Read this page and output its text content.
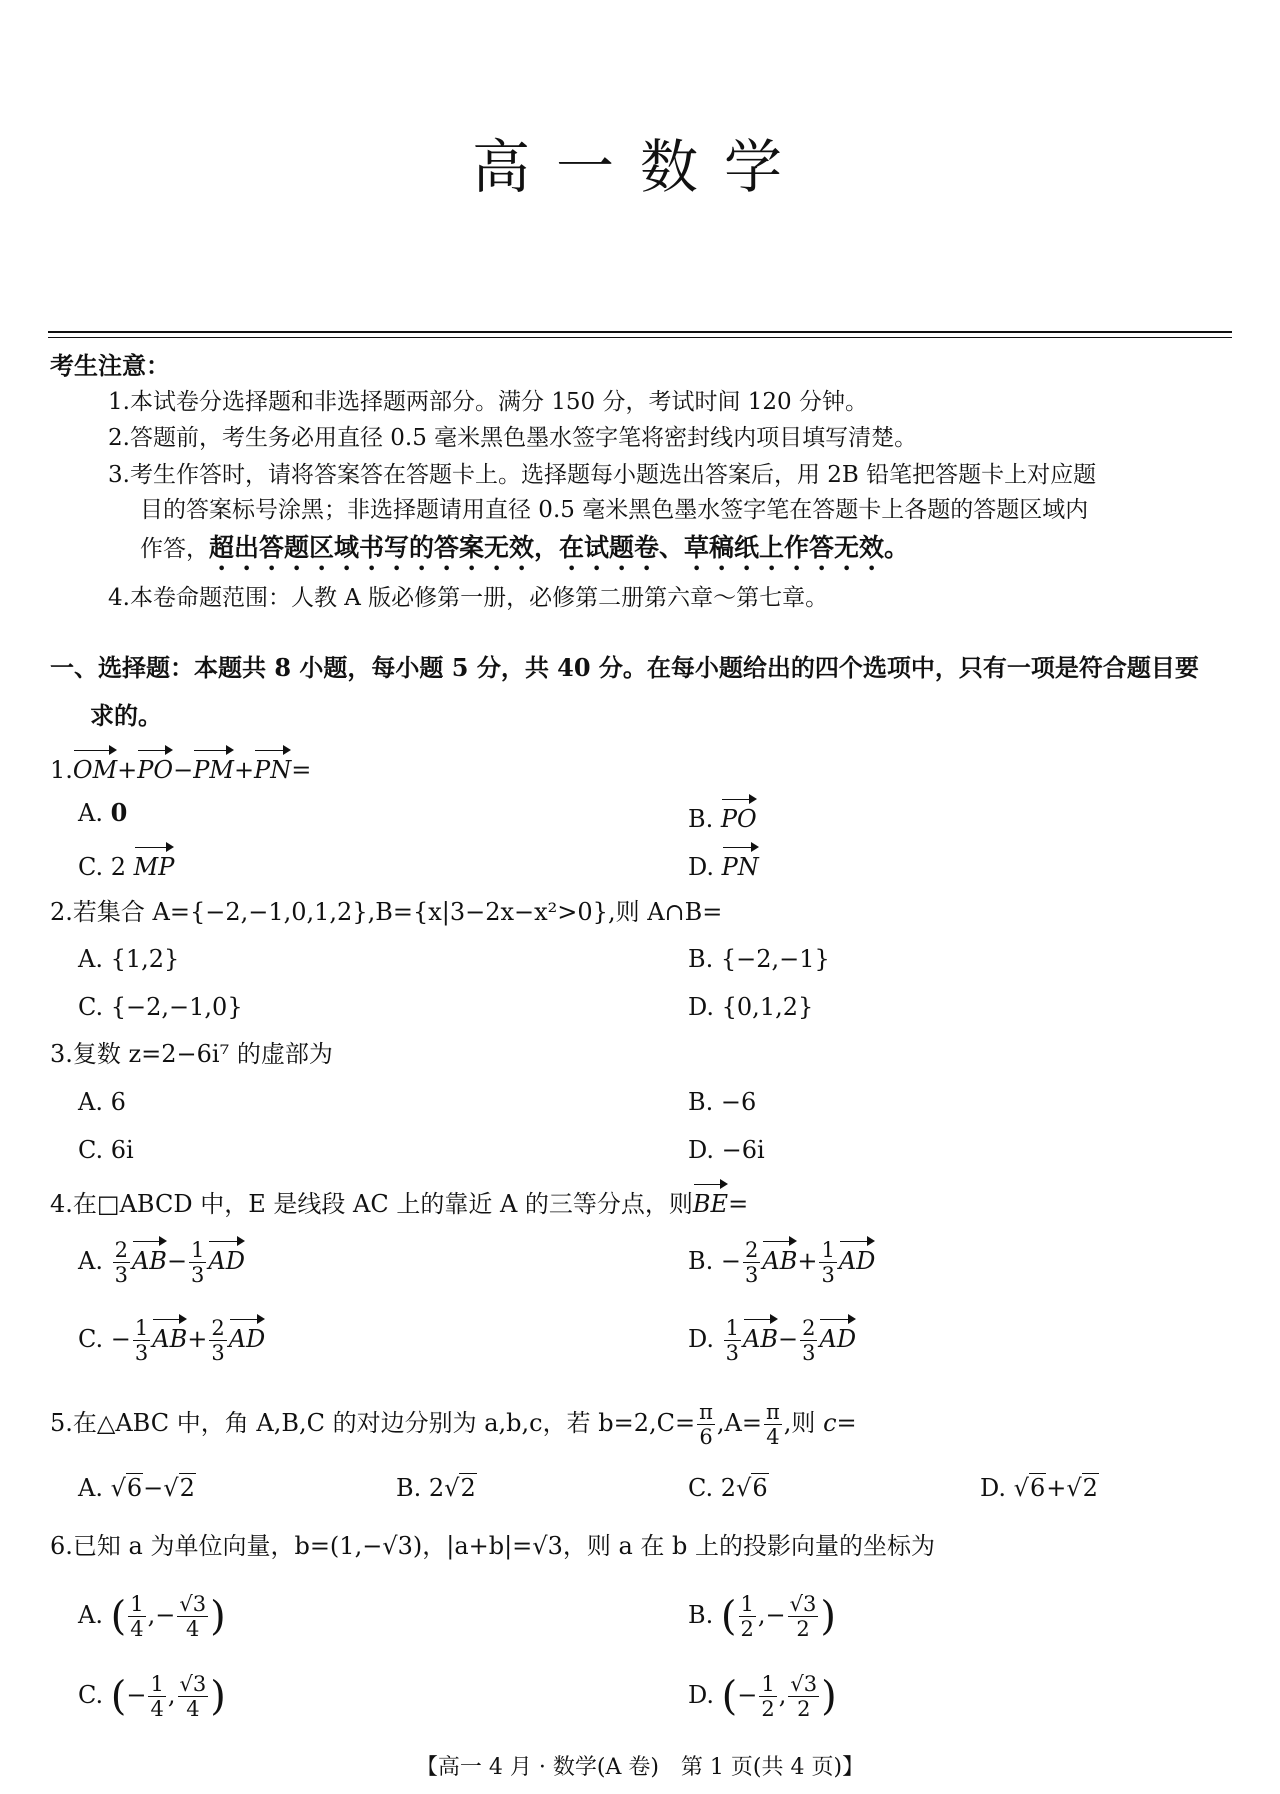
高一数学
考生注意：
1.本试卷分选择题和非选择题两部分。满分 150 分，考试时间 120 分钟。
2.答题前，考生务必用直径 0.5 毫米黑色墨水签字笔将密封线内项目填写清楚。
3.考生作答时，请将答案答在答题卡上。选择题每小题选出答案后，用 2B 铅笔把答题卡上对应题
目的答案标号涂黑；非选择题请用直径 0.5 毫米黑色墨水签字笔在答题卡上各题的答题区域内
作答，超出答题区域书写的答案无效，在试题卷、草稿纸上作答无效。
4.本卷命题范围：人教 A 版必修第一册，必修第二册第六章～第七章。
一、选择题：本题共 8 小题，每小题 5 分，共 40 分。在每小题给出的四个选项中，只有一项是符合题目要
求的。
1.OM+PO−PM+PN=
A. 0	B. PO
C. 2 MP	D. PN
2.若集合 A={−2,−1,0,1,2},B={x|3−2x−x²>0},则 A∩B=
A. {1,2}	B. {−2,−1}
C. {−2,−1,0}	D. {0,1,2}
3.复数 z=2−6i⁷ 的虚部为
A. 6	B. −6
C. 6i	D. −6i
4.在□ABCD 中，E 是线段 AC 上的靠近 A 的三等分点，则BE=
A. $\frac{2}{3} AB- \frac{1}{3}$ AD	B. − $\frac{2}{3} AB+ \frac{1}{3}$ AD
C. − $\frac{1}{3} AB+ \frac{2}{3}$ AD	D. $\frac{1}{3} AB- \frac{2}{3}$ AD
5.在△ABC 中，角 A,B,C 的对边分别为 a,b,c，若 $b=2,C= \frac{\pi}{6} ,A= \frac{\pi}{4}$ ,则 c=
A. √6−√2	B. 2√2	C. 2√6	D. √6+√2
6.已知 a 为单位向量，b=(1,−√3)，|a+b|=√3，则 a 在 b 上的投影向量的坐标为
A. ( $\frac{1}{4}$ ,− $\frac{√3}{4}$ )	B. ( $\frac{1}{2}$ ,− $\frac{√3}{2}$ )
C. (− $\frac{1}{4}$ , $\frac{√3}{4}$ )	D. (− $\frac{1}{2}$ , $\frac{√3}{2}$ )
【高一 4 月 · 数学(A 卷)　第 1 页(共 4 页)】
